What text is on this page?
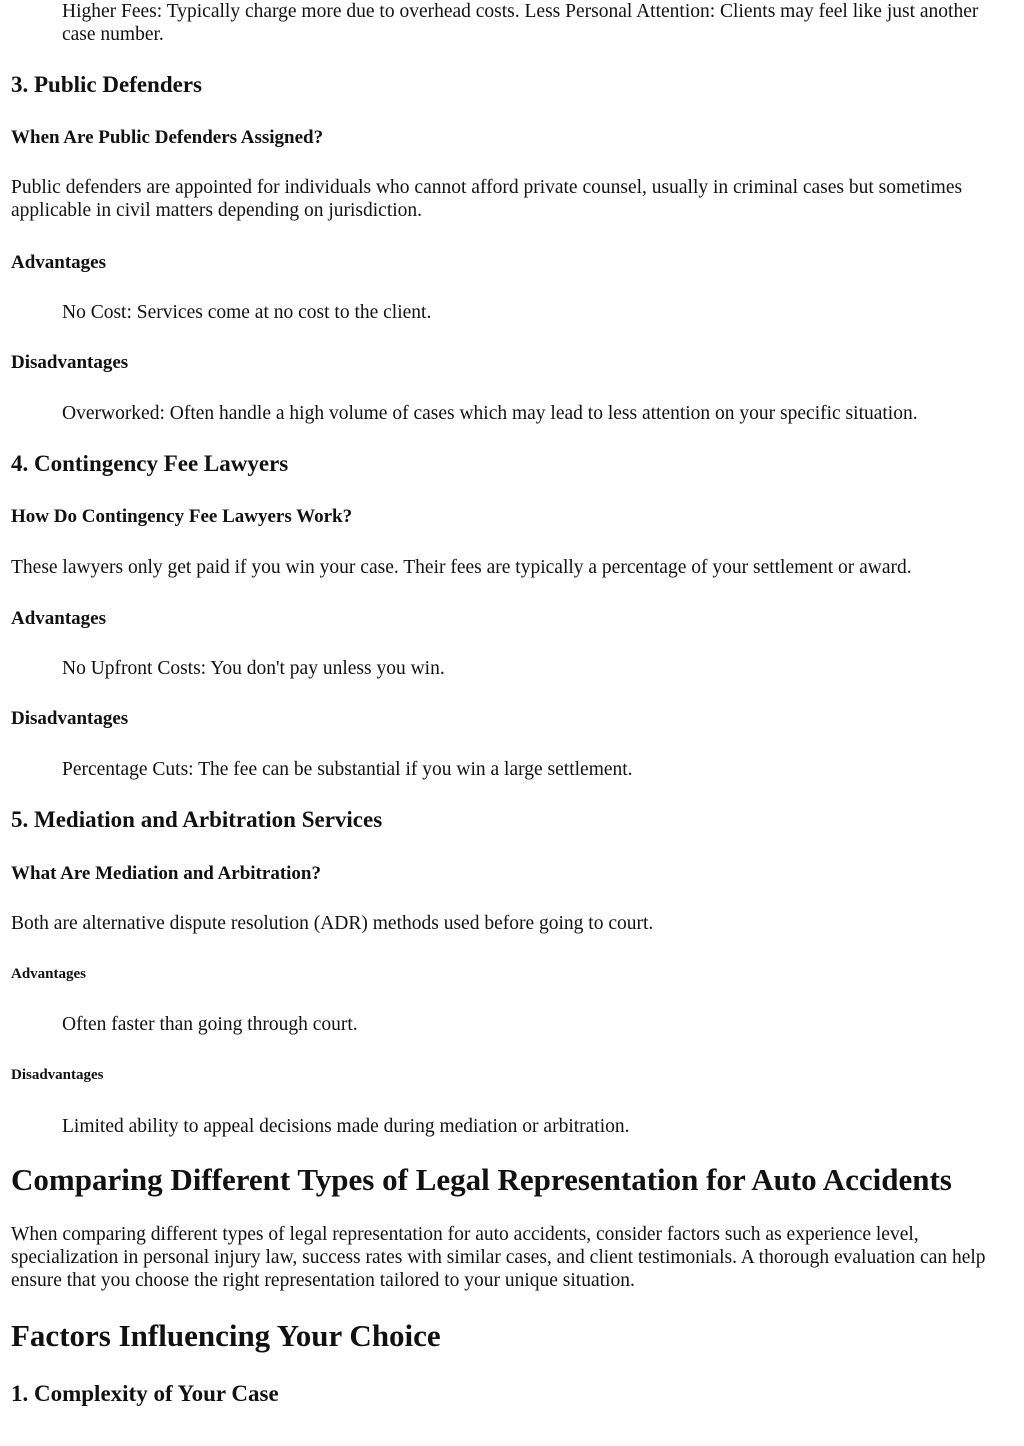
Higher Fees: Typically charge more due to overhead costs. Less Personal Attention: Clients may feel like just another case number.

3. Public Defenders
When Are Public Defenders Assigned?

Public defenders are appointed for individuals who cannot afford private counsel, usually in criminal cases but sometimes applicable in civil matters depending on jurisdiction.

Advantages

No Cost: Services come at no cost to the client.

Disadvantages

Overworked: Often handle a high volume of cases which may lead to less attention on your specific situation.

4. Contingency Fee Lawyers
How Do Contingency Fee Lawyers Work?

These lawyers only get paid if you win your case. Their fees are typically a percentage of your settlement or award.

Advantages

No Upfront Costs: You don't pay unless you win.

Disadvantages

Percentage Cuts: The fee can be substantial if you win a large settlement.

5. Mediation and Arbitration Services
What Are Mediation and Arbitration?

Both are alternative dispute resolution (ADR) methods used before going to court.

Advantages

Often faster than going through court.

Disadvantages

Limited ability to appeal decisions made during mediation or arbitration.

Comparing Different Types of Legal Representation for Auto Accidents

When comparing different types of legal representation for auto accidents, consider factors such as experience level, specialization in personal injury law, success rates with similar cases, and client testimonials. A thorough evaluation can help ensure that you choose the right representation tailored to your unique situation.

Factors Influencing Your Choice
1. Complexity of Your Case
